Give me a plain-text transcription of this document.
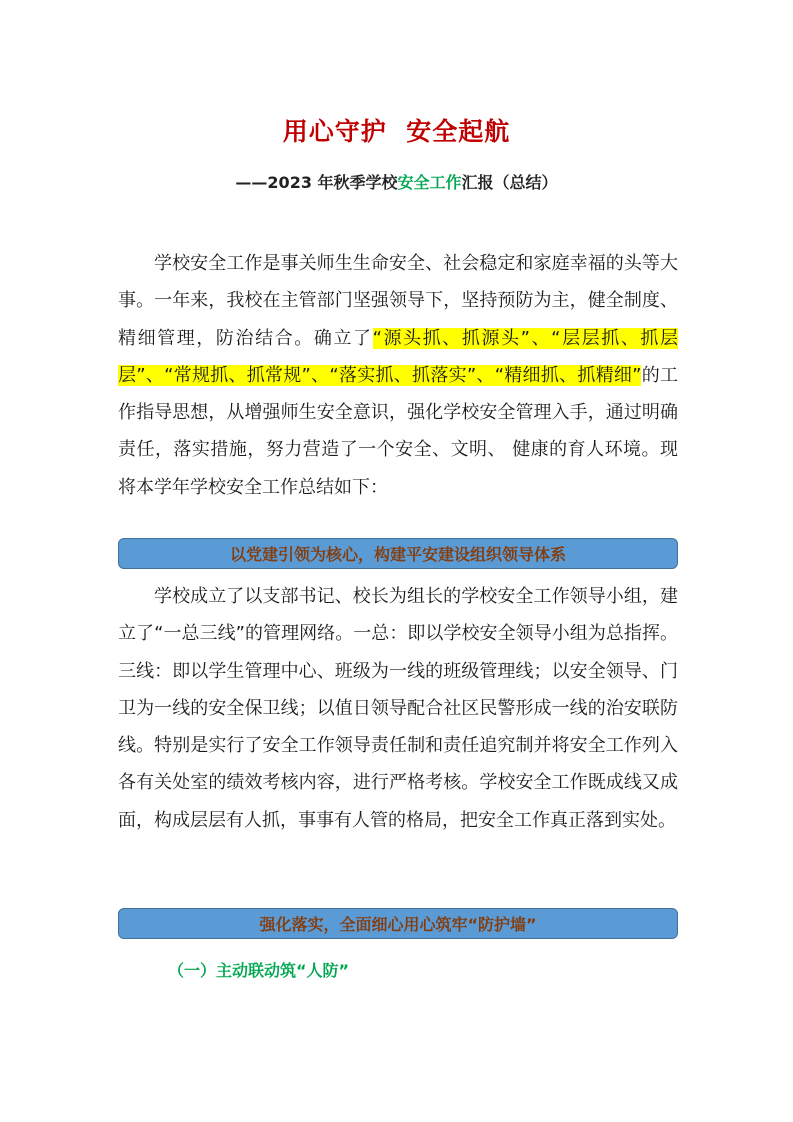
用心守护  安全起航
——2023 年秋季学校安全工作汇报（总结）
学校安全工作是事关师生生命安全、社会稳定和家庭幸福的头等大事。一年来，我校在主管部门坚强领导下，坚持预防为主，健全制度、精细管理，防治结合。确立了“源头抓、抓源头”、“层层抓、抓层层”、“常规抓、抓常规”、“落实抓、抓落实”、“精细抓、抓精细”的工作指导思想，从增强师生安全意识，强化学校安全管理入手，通过明确责任，落实措施，努力营造了一个安全、文明、 健康的育人环境。现将本学年学校安全工作总结如下：
以党建引领为核心，构建平安建设组织领导体系
学校成立了以支部书记、校长为组长的学校安全工作领导小组，建立了“一总三线”的管理网络。一总：即以学校安全领导小组为总指挥。三线：即以学生管理中心、班级为一线的班级管理线；以安全领导、门卫为一线的安全保卫线；以值日领导配合社区民警形成一线的治安联防线。特别是实行了安全工作领导责任制和责任追究制并将安全工作列入各有关处室的绩效考核内容，进行严格考核。学校安全工作既成线又成面，构成层层有人抓，事事有人管的格局，把安全工作真正落到实处。
强化落实，全面细心用心筑牢“防护墙”
（一）主动联动筑“人防”
